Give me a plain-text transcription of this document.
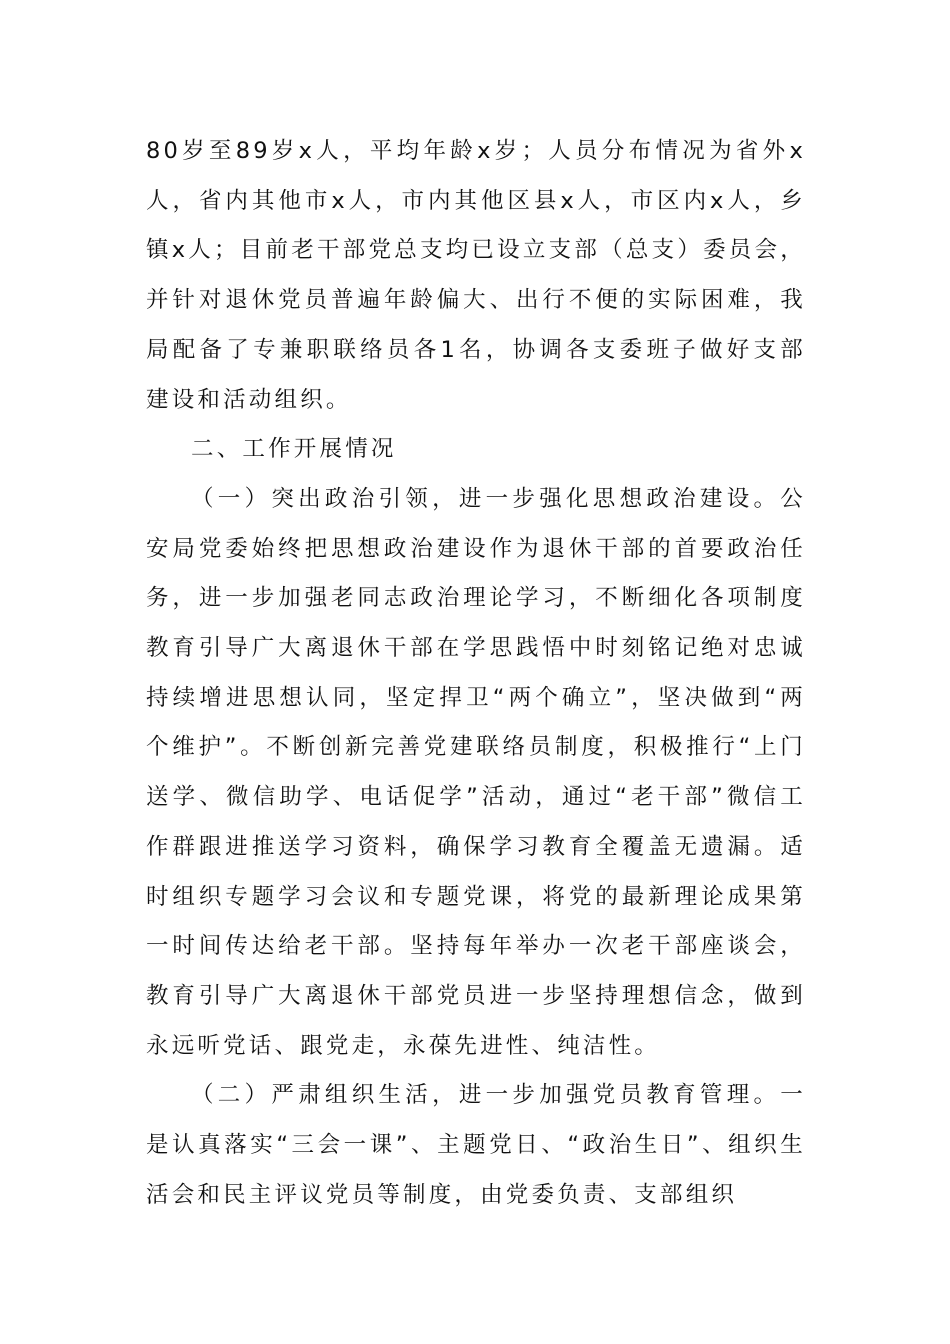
80岁至89岁x人，平均年龄x岁；人员分布情况为省外x人，省内其他市x人，市内其他区县x人，市区内x人，乡镇x人；目前老干部党总支均已设立支部（总支）委员会，并针对退休党员普遍年龄偏大、出行不便的实际困难，我局配备了专兼职联络员各1名，协调各支委班子做好支部建设和活动组织。

二、工作开展情况

（一）突出政治引领，进一步强化思想政治建设。公安局党委始终把思想政治建设作为退休干部的首要政治任务，进一步加强老同志政治理论学习，不断细化各项制度教育引导广大离退休干部在学思践悟中时刻铭记绝对忠诚持续增进思想认同，坚定捍卫“两个确立”，坚决做到“两个维护”。不断创新完善党建联络员制度，积极推行“上门送学、微信助学、电话促学”活动，通过“老干部”微信工作群跟进推送学习资料，确保学习教育全覆盖无遗漏。适时组织专题学习会议和专题党课，将党的最新理论成果第一时间传达给老干部。坚持每年举办一次老干部座谈会，教育引导广大离退休干部党员进一步坚持理想信念，做到永远听党话、跟党走，永葆先进性、纯洁性。

（二）严肃组织生活，进一步加强党员教育管理。一是认真落实“三会一课”、主题党日、“政治生日”、组织生活会和民主评议党员等制度，由党委负责、支部组织
